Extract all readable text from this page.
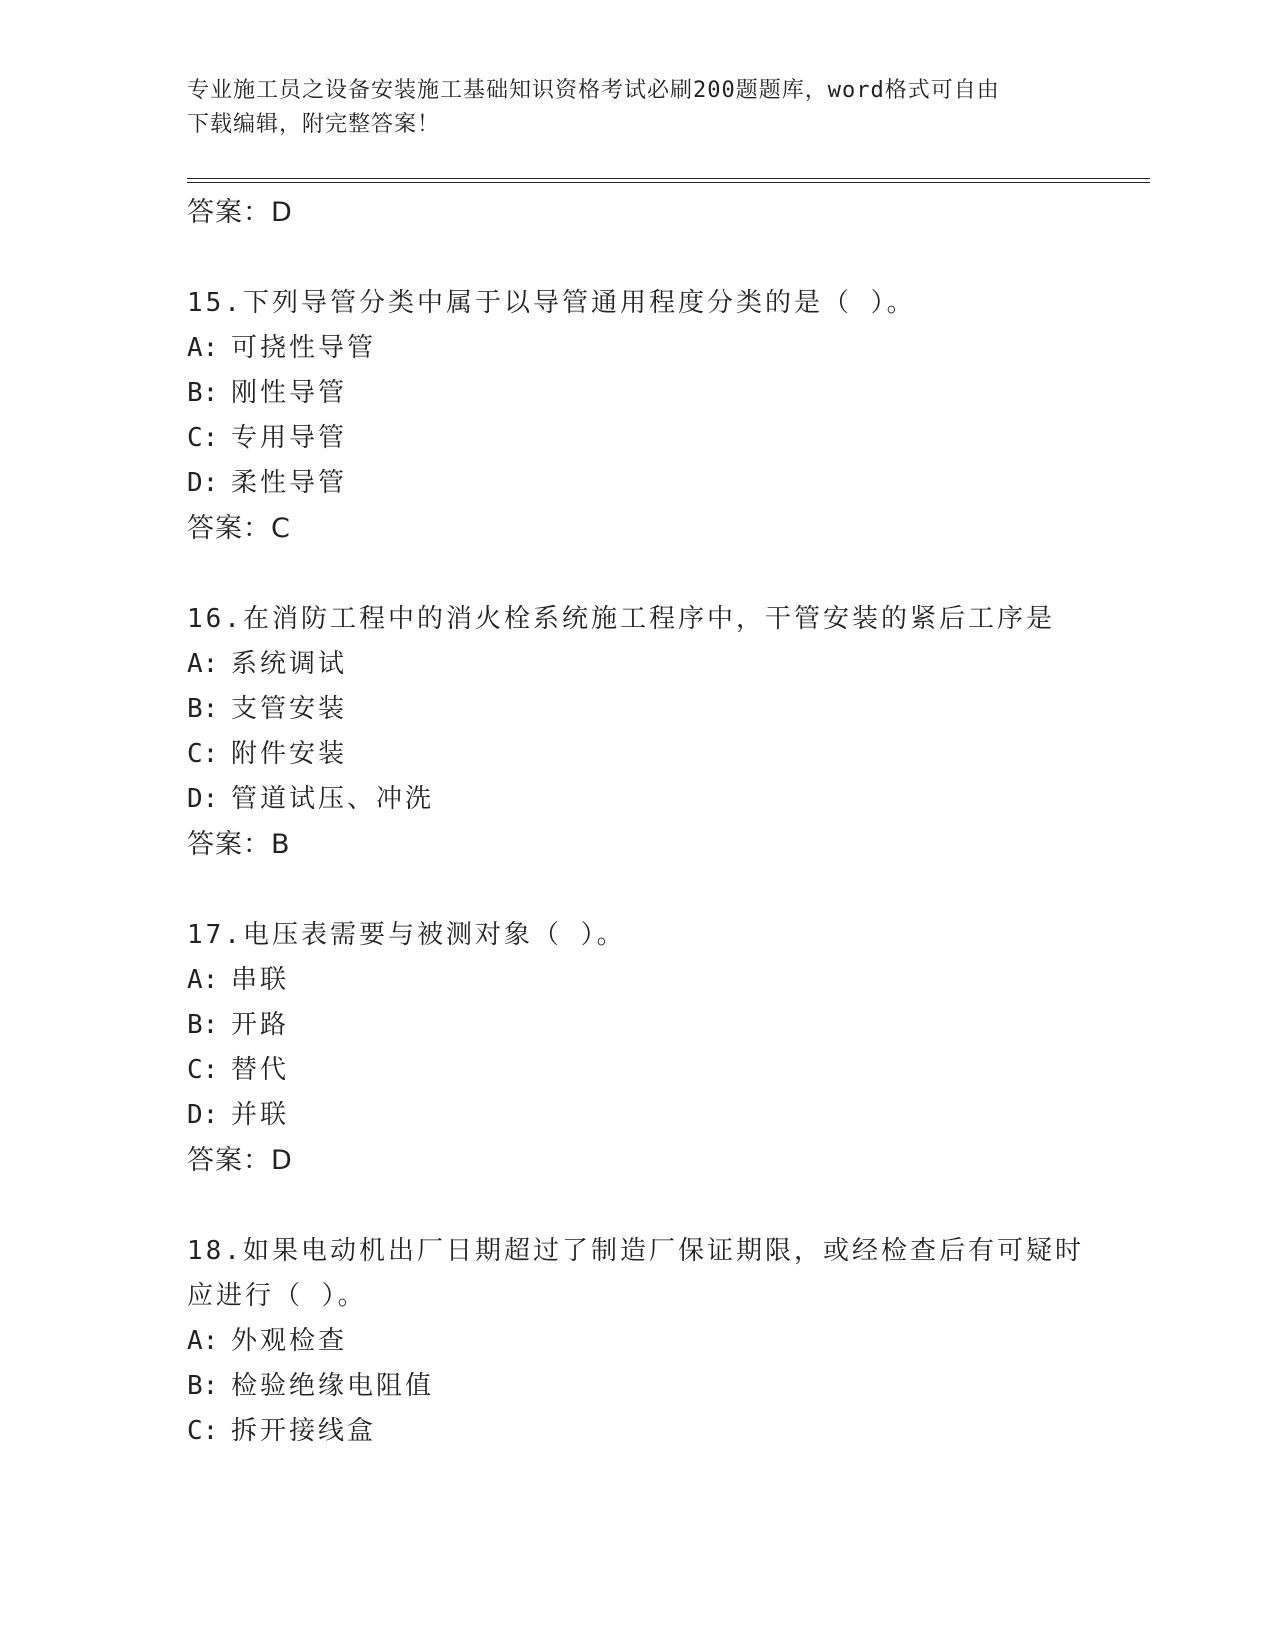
专业施工员之设备安装施工基础知识资格考试必刷200题题库，word格式可自由
下载编辑，附完整答案！
答案：D
15.下列导管分类中属于以导管通用程度分类的是（ ）。
A: 可挠性导管
B: 刚性导管
C: 专用导管
D: 柔性导管
答案：C
16.在消防工程中的消火栓系统施工程序中，干管安装的紧后工序是
A: 系统调试
B: 支管安装
C: 附件安装
D: 管道试压、冲洗
答案：B
17.电压表需要与被测对象（ ）。
A: 串联
B: 开路
C: 替代
D: 并联
答案：D
18.如果电动机出厂日期超过了制造厂保证期限，或经检查后有可疑时
应进行（ ）。
A: 外观检查
B: 检验绝缘电阻值
C: 拆开接线盒
